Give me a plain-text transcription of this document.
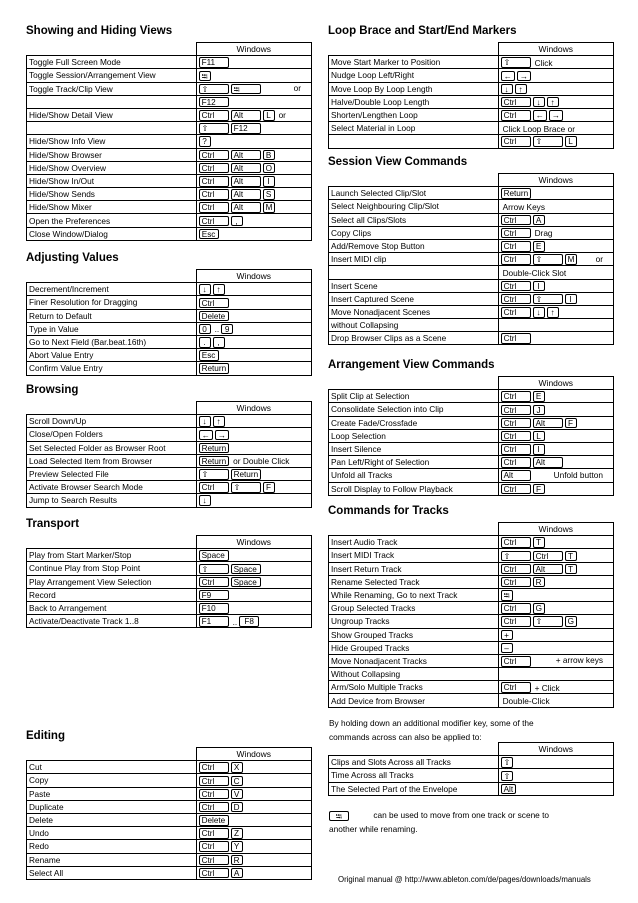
Showing and Hiding Views
	Windows
Toggle Full Screen Mode	F11
Toggle Session/Arrangement View	⭾
Toggle Track/Clip View	⇧ ⭾ or

	F12
Hide/Show Detail View	Ctrl Alt L or
	⇧ F12
Hide/Show Info View	?
Hide/Show Browser	Ctrl Alt B
Hide/Show Overview	Ctrl Alt O
Hide/Show In/Out	Ctrl Alt I
Hide/Show Sends	Ctrl Alt S
Hide/Show Mixer	Ctrl Alt M
Open the Preferences	Ctrl ,
Close Window/Dialog	Esc
Adjusting Values
	Windows
Decrement/Increment	↓ ↑
Finer Resolution for Dragging	Ctrl
Return to Default	Delete
Type in Value	0 .. 9
Go to Next Field (Bar.beat.16th)	. ,
Abort Value Entry	Esc
Confirm Value Entry	Return
Browsing
	Windows
Scroll Down/Up	↓ ↑
Close/Open Folders	← →
Set Selected Folder as Browser Root	Return
Load Selected Item from Browser	Return or Double Click
Preview Selected File	⇧ Return
Activate Browser Search Mode	Ctrl ⇧ F
Jump to Search Results	↓
Transport
	Windows
Play from Start Marker/Stop	Space
Continue Play from Stop Point	⇧ Space
Play Arrangement View Selection	Ctrl Space
Record	F9
Back to Arrangement	F10
Activate/Deactivate Track 1..8	F1 .. F8
Editing
	Windows
Cut	Ctrl X
Copy	Ctrl C
Paste	Ctrl V
Duplicate	Ctrl D
Delete	Delete
Undo	Ctrl Z
Redo	Ctrl Y
Rename	Ctrl R
Select All	Ctrl A
Loop Brace and Start/End Markers
	Windows
Move Start Marker to Position	⇧ Click
Nudge Loop Left/Right	← →
Move Loop By Loop Length	↓ ↑
Halve/Double Loop Length	Ctrl ↓ ↑
Shorten/Lengthen Loop	Ctrl ← →
Select Material in Loop	Click Loop Brace or
	Ctrl ⇧ L
Session View Commands
	Windows
Launch Selected Clip/Slot	Return
Select Neighbouring Clip/Slot	Arrow Keys
Select all Clips/Slots	Ctrl A
Copy Clips	Ctrl Drag
Add/Remove Stop Button	Ctrl E
Insert MIDI clip	Ctrl ⇧ M or

	Double-Click Slot
Insert Scene	Ctrl I
Insert Captured Scene	Ctrl ⇧ I
Move Nonadjacent Scenes	Ctrl ↓ ↑
without Collapsing	
Drop Browser Clips as a Scene	Ctrl
Arrangement View Commands
	Windows
Split Clip at Selection	Ctrl E
Consolidate Selection into Clip	Ctrl J
Create Fade/Crossfade	Ctrl Alt F
Loop Selection	Ctrl L
Insert Silence	Ctrl I
Pan Left/Right of Selection	Ctrl Alt
Unfold all Tracks	Alt Unfold button

Scroll Display to Follow Playback	Ctrl F
Commands for Tracks
	Windows
Insert Audio Track	Ctrl T
Insert MIDI Track	⇧ Ctrl T
Insert Return Track	Ctrl Alt T
Rename Selected Track	Ctrl R
While Renaming, Go to next Track	⭾
Group Selected Tracks	Ctrl G
Ungroup Tracks	Ctrl ⇧ G
Show Grouped Tracks	+
Hide Grouped Tracks	–
Move Nonadjacent Tracks	Ctrl + arrow keys

Without Collapsing	
Arm/Solo Multiple Tracks	Ctrl + Click
Add Device from Browser	Double-Click
By holding down an additional modifier key, some of the
commands across can also be applied to:
	Windows
Clips and Slots Across all Tracks	⇧
Time Across all Tracks	⇧
The Selected Part of the Envelope	Alt
⭾	can be used to move from one track or scene to
another while renaming.
Original manual @ http://www.ableton.com/de/pages/downloads/manuals
